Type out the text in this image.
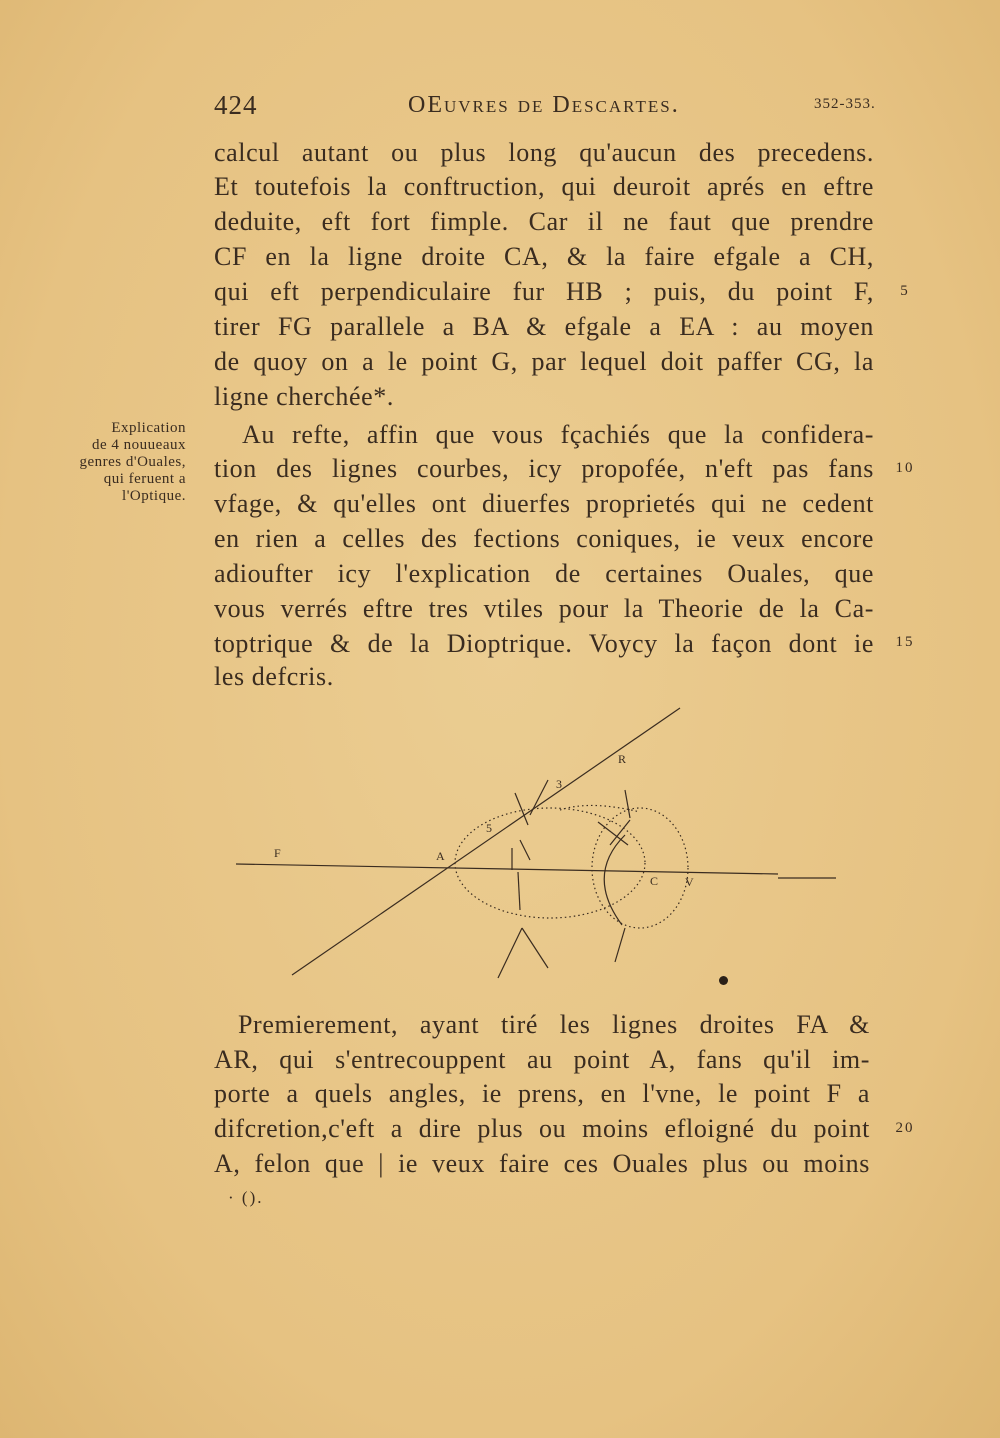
424	OEuvres de Descartes.	352-353.
calcul autant ou plus long qu'aucun des precedens.
Et toutefois la conftruction, qui deuroit aprés en eftre
deduite, eft fort fimple. Car il ne faut que prendre
CF en la ligne droite CA, & la faire efgale a CH,
qui eft perpendiculaire fur HB ; puis, du point F,
tirer FG parallele a BA & efgale a EA : au moyen
de quoy on a le point G, par lequel doit paffer CG, la
ligne cherchée*.
Explication
de 4 nouueaux
genres d'Ouales,
qui feruent a
l'Optique.
Au refte, affin que vous fçachiés que la confidera-
tion des lignes courbes, icy propofée, n'eft pas fans
vfage, & qu'elles ont diuerfes proprietés qui ne cedent
en rien a celles des fections coniques, ie veux encore
adioufter icy l'explication de certaines Ouales, que
vous verrés eftre tres vtiles pour la Theorie de la Ca-
toptrique & de la Dioptrique. Voycy la façon dont ie
les defcris.
5
10
15
20
F	A
R
3
5
C V
Premierement, ayant tiré les lignes droites FA &
AR, qui s'entrecouppent au point A, fans qu'il im-
porte a quels angles, ie prens, en l'vne, le point F a
difcretion,c'eft a dire plus ou moins efloigné du point
A, felon que | ie veux faire ces Ouales plus ou moins
· ().
